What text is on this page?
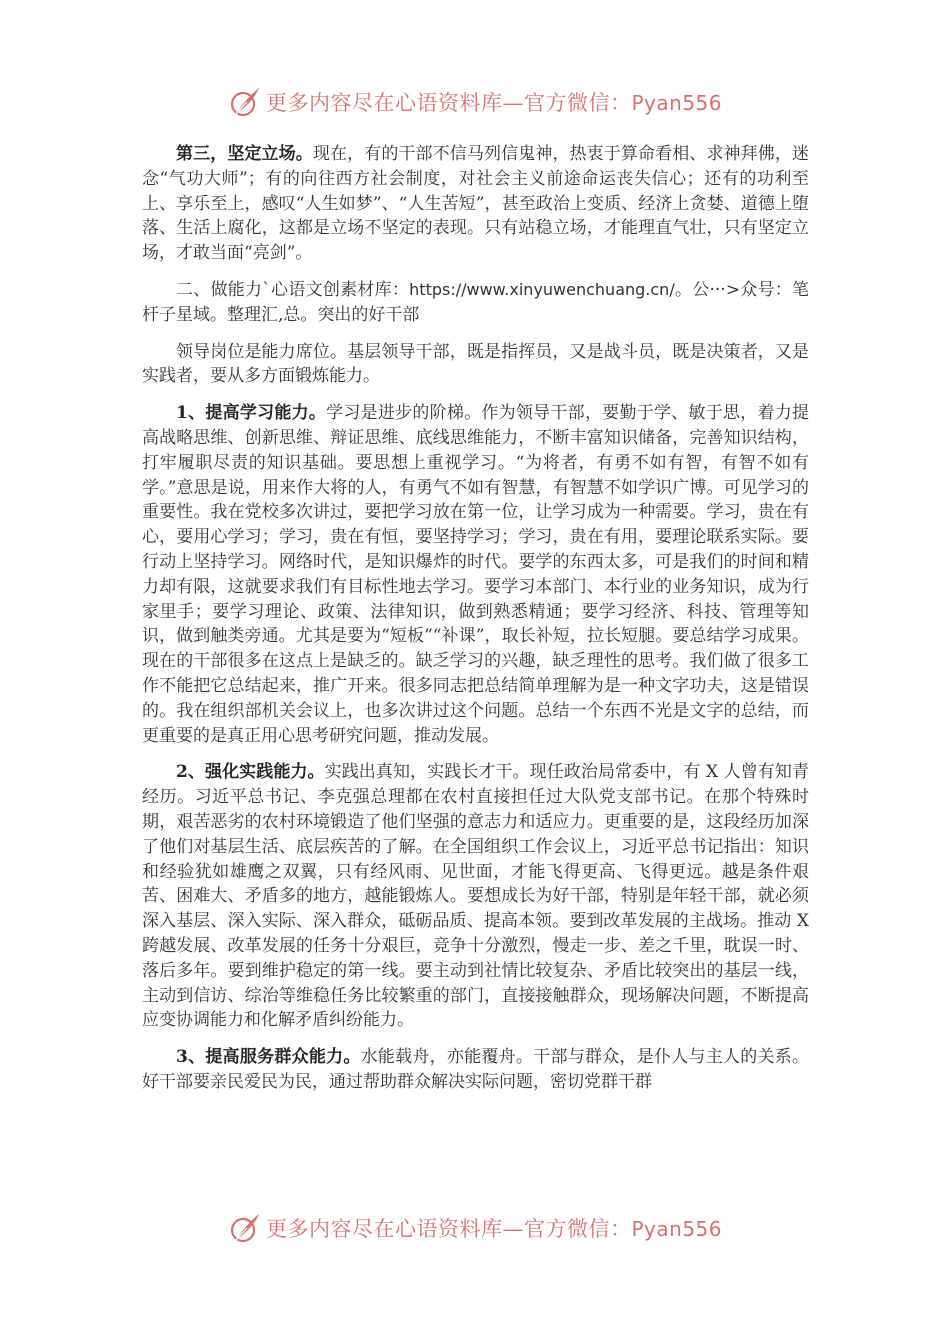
更多内容尽在心语资料库—官方微信：Pyan556

第三，坚定立场。现在，有的干部不信马列信鬼神，热衷于算命看相、求神拜佛，迷念“气功大师”；有的向往西方社会制度，对社会主义前途命运丧失信心；还有的功利至上、享乐至上，感叹“人生如梦”、“人生苦短”，甚至政治上变质、经济上贪婪、道德上堕落、生活上腐化，这都是立场不坚定的表现。只有站稳立场，才能理直气壮，只有坚定立场，才敢当面“亮剑”。

二、做能力`心语文创素材库：https://www.xinyuwenchuang.cn/。公···>众号：笔杆子星域。整理汇,总。突出的好干部

领导岗位是能力席位。基层领导干部，既是指挥员，又是战斗员，既是决策者，又是实践者，要从多方面锻炼能力。

1、提高学习能力。学习是进步的阶梯。作为领导干部，要勤于学、敏于思，着力提高战略思维、创新思维、辩证思维、底线思维能力，不断丰富知识储备，完善知识结构，打牢履职尽责的知识基础。要思想上重视学习。“为将者，有勇不如有智，有智不如有学。”意思是说，用来作大将的人，有勇气不如有智慧，有智慧不如学识广博。可见学习的重要性。我在党校多次讲过，要把学习放在第一位，让学习成为一种需要。学习，贵在有心，要用心学习；学习，贵在有恒，要坚持学习；学习，贵在有用，要理论联系实际。要行动上坚持学习。网络时代，是知识爆炸的时代。要学的东西太多，可是我们的时间和精力却有限，这就要求我们有目标性地去学习。要学习本部门、本行业的业务知识，成为行家里手；要学习理论、政策、法律知识，做到熟悉精通；要学习经济、科技、管理等知识，做到触类旁通。尤其是要为“短板”“补课”，取长补短，拉长短腿。要总结学习成果。现在的干部很多在这点上是缺乏的。缺乏学习的兴趣，缺乏理性的思考。我们做了很多工作不能把它总结起来，推广开来。很多同志把总结简单理解为是一种文字功夫，这是错误的。我在组织部机关会议上，也多次讲过这个问题。总结一个东西不光是文字的总结，而更重要的是真正用心思考研究问题，推动发展。

2、强化实践能力。实践出真知，实践长才干。现任政治局常委中，有 X 人曾有知青经历。习近平总书记、李克强总理都在农村直接担任过大队党支部书记。在那个特殊时期，艰苦恶劣的农村环境锻造了他们坚强的意志力和适应力。更重要的是，这段经历加深了他们对基层生活、底层疾苦的了解。在全国组织工作会议上，习近平总书记指出：知识和经验犹如雄鹰之双翼，只有经风雨、见世面，才能飞得更高、飞得更远。越是条件艰苦、困难大、矛盾多的地方，越能锻炼人。要想成长为好干部，特别是年轻干部，就必须深入基层、深入实际、深入群众，砥砺品质、提高本领。要到改革发展的主战场。推动 X 跨越发展、改革发展的任务十分艰巨，竞争十分激烈，慢走一步、差之千里，耽误一时、落后多年。要到维护稳定的第一线。要主动到社情比较复杂、矛盾比较突出的基层一线，主动到信访、综治等维稳任务比较繁重的部门，直接接触群众，现场解决问题，不断提高应变协调能力和化解矛盾纠纷能力。

3、提高服务群众能力。水能载舟，亦能覆舟。干部与群众，是仆人与主人的关系。好干部要亲民爱民为民，通过帮助群众解决实际问题，密切党群干群

更多内容尽在心语资料库—官方微信：Pyan556
